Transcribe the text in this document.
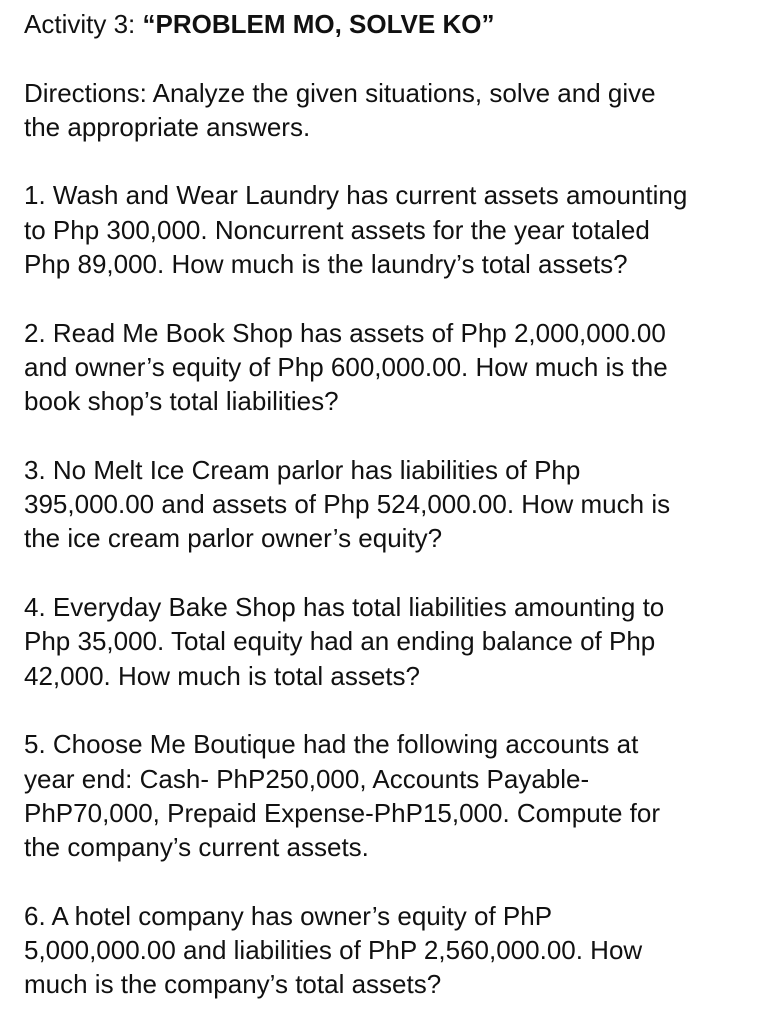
Activity 3: “PROBLEM MO, SOLVE KO”
Directions: Analyze the given situations, solve and give
the appropriate answers.
1. Wash and Wear Laundry has current assets amounting
to Php 300,000. Noncurrent assets for the year totaled
Php 89,000. How much is the laundry’s total assets?
2. Read Me Book Shop has assets of Php 2,000,000.00
and owner’s equity of Php 600,000.00. How much is the
book shop’s total liabilities?
3. No Melt Ice Cream parlor has liabilities of Php
395,000.00 and assets of Php 524,000.00. How much is
the ice cream parlor owner’s equity?
4. Everyday Bake Shop has total liabilities amounting to
Php 35,000. Total equity had an ending balance of Php
42,000. How much is total assets?
5. Choose Me Boutique had the following accounts at
year end: Cash- PhP250,000, Accounts Payable-
PhP70,000, Prepaid Expense-PhP15,000. Compute for
the company’s current assets.
6. A hotel company has owner’s equity of PhP
5,000,000.00 and liabilities of PhP 2,560,000.00. How
much is the company’s total assets?
